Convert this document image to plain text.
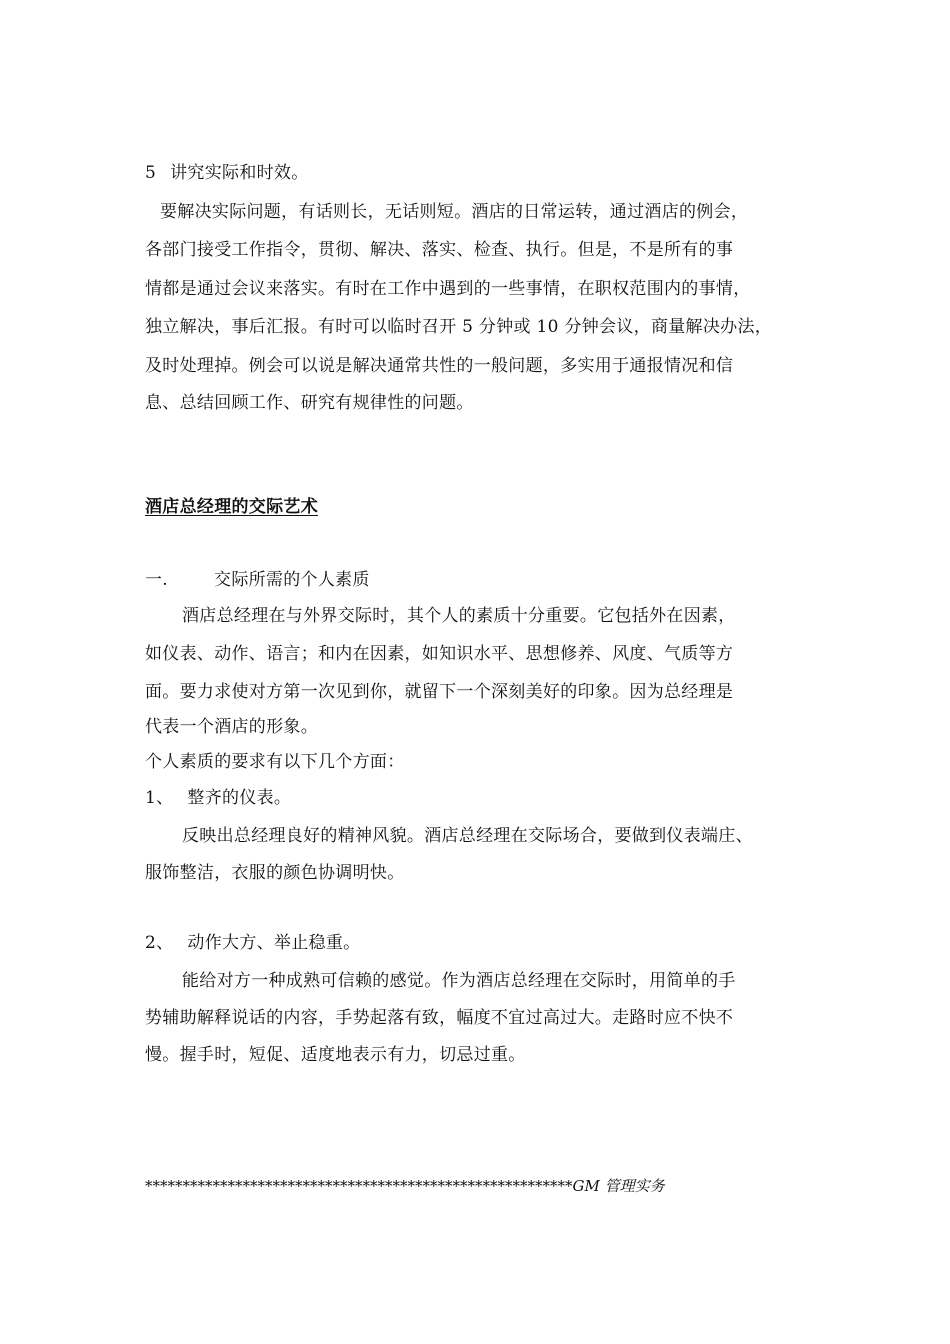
5 讲究实际和时效。
要解决实际问题，有话则长，无话则短。酒店的日常运转，通过酒店的例会，
各部门接受工作指令，贯彻、解决、落实、检查、执行。但是，不是所有的事
情都是通过会议来落实。有时在工作中遇到的一些事情，在职权范围内的事情，
独立解决，事后汇报。有时可以临时召开 5 分钟或 10 分钟会议，商量解决办法，
及时处理掉。例会可以说是解决通常共性的一般问题，多实用于通报情况和信
息、总结回顾工作、研究有规律性的问题。
酒店总经理的交际艺术
一.	交际所需的个人素质
酒店总经理在与外界交际时，其个人的素质十分重要。它包括外在因素，
如仪表、动作、语言；和内在因素，如知识水平、思想修养、风度、气质等方
面。要力求使对方第一次见到你，就留下一个深刻美好的印象。因为总经理是
代表一个酒店的形象。
个人素质的要求有以下几个方面：
1、 整齐的仪表。
反映出总经理良好的精神风貌。酒店总经理在交际场合，要做到仪表端庄、
服饰整洁，衣服的颜色协调明快。
2、 动作大方、举止稳重。
能给对方一种成熟可信赖的感觉。作为酒店总经理在交际时，用简单的手
势辅助解释说话的内容，手势起落有致，幅度不宜过高过大。走路时应不快不
慢。握手时，短促、适度地表示有力，切忌过重。
*********************************************************GM 管理实务
